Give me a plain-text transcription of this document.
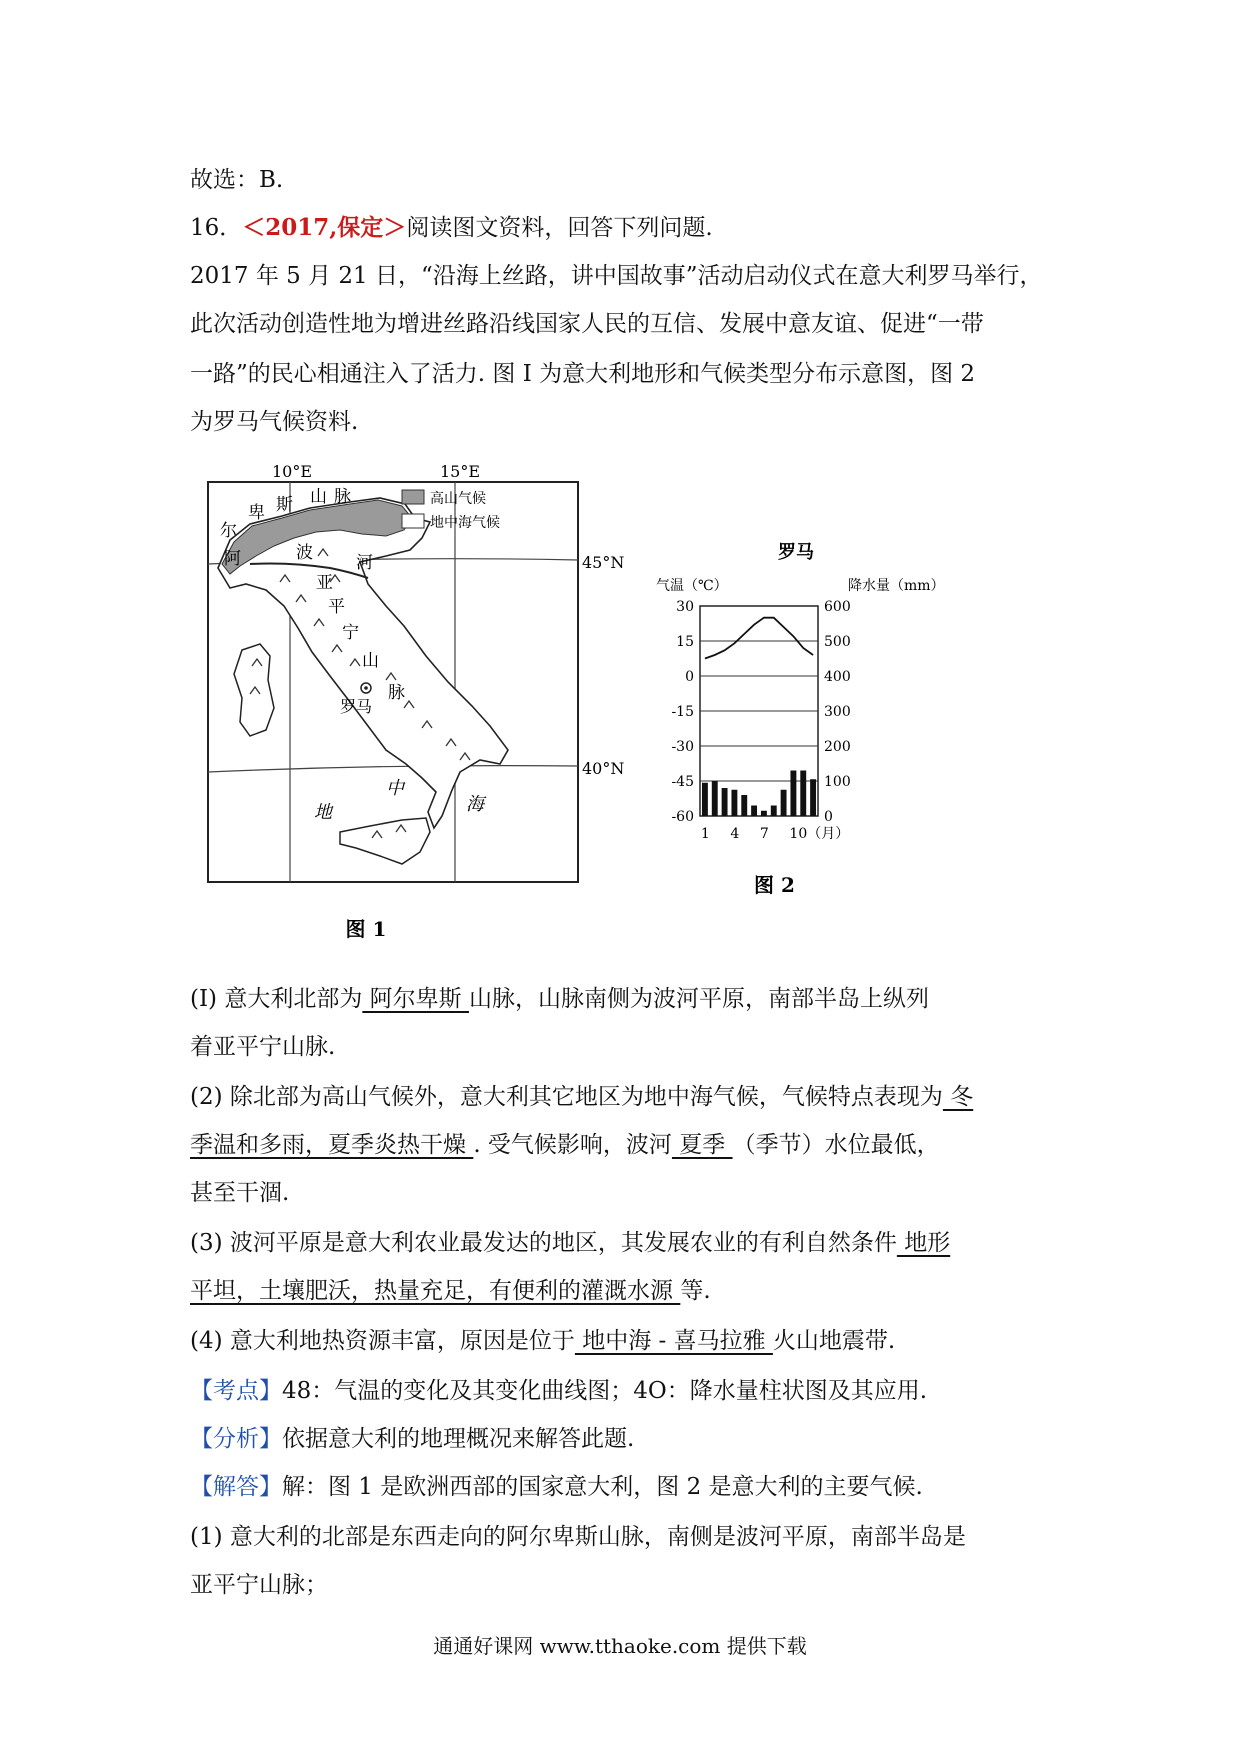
故选：B.
16．＜2017,保定＞阅读图文资料，回答下列问题.
2017 年 5 月 21 日，“沿海上丝路，讲中国故事”活动启动仪式在意大利罗马举行，
此次活动创造性地为增进丝路沿线国家人民的互信、发展中意友谊、促进“一带
一路”的民心相通注入了活力. 图 Ⅰ 为意大利地形和气候类型分布示意图，图 2
为罗马气候资料.
10°E	15°E
45°N
40°N
高山气候
地中海气候
阿
尔
卑 斯 山 脉
波	河
亚
平
宁
山
脉
罗马
地
中
海
图 1
罗马
气温（℃）	降水量（mm）
30	600
15	500
0	400
-15	300
-30	200
-45	100
-60	0
1 4 7 10（月）
图 2
(Ⅰ) 意大利北部为 阿尔卑斯 山脉，山脉南侧为波河平原，南部半岛上纵列
着亚平宁山脉.
(2) 除北部为高山气候外，意大利其它地区为地中海气候，气候特点表现为 冬
季温和多雨，夏季炎热干燥 . 受气候影响，波河 夏季 （季节）水位最低，
甚至干涸.
(3) 波河平原是意大利农业最发达的地区，其发展农业的有利自然条件 地形
平坦，土壤肥沃，热量充足，有便利的灌溉水源 等.
(4) 意大利地热资源丰富，原因是位于 地中海 - 喜马拉雅 火山地震带.
【考点】48：气温的变化及其变化曲线图；4O：降水量柱状图及其应用.
【分析】依据意大利的地理概况来解答此题.
【解答】解：图 1 是欧洲西部的国家意大利，图 2 是意大利的主要气候.
(1) 意大利的北部是东西走向的阿尔卑斯山脉，南侧是波河平原，南部半岛是
亚平宁山脉；
通通好课网 www.tthaoke.com 提供下载
